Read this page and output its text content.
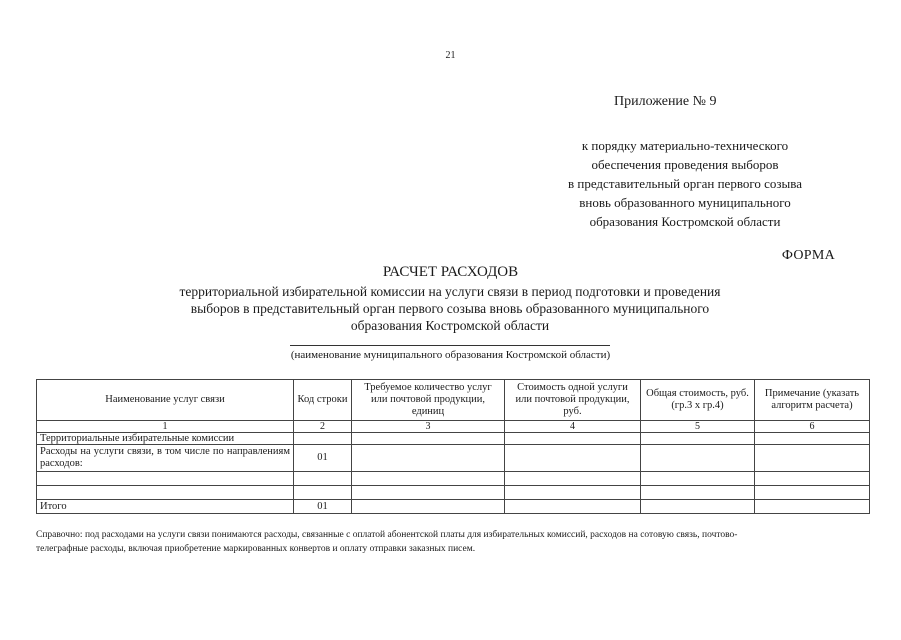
21
Приложение № 9
к порядку материально-технического
обеспечения проведения выборов
в представительный орган первого созыва
вновь образованного муниципального
образования Костромской области
ФОРМА
РАСЧЕТ РАСХОДОВ
территориальной избирательной комиссии на услуги связи в период подготовки и проведения
выборов в представительный орган первого созыва вновь образованного муниципального
образования Костромской области
(наименование муниципального образования Костромской области)
Наименование услуг связи	Код строки	Требуемое количество услуг или почтовой продукции, единиц	Стоимость одной услуги или почтовой продукции, руб.	Общая стоимость, руб. (гр.3 х гр.4)	Примечание (указать алгоритм расчета)
1	2	3	4	5	6
Территориальные избирательные комиссии					
Расходы на услуги связи, в том числе по направлениям расходов:	01				

Итого	01				
Справочно: под расходами на услуги связи понимаются расходы, связанные с оплатой абонентской платы для избирательных комиссий, расходов на сотовую связь, почтово-
телеграфные расходы, включая приобретение маркированных конвертов и оплату отправки заказных писем.
